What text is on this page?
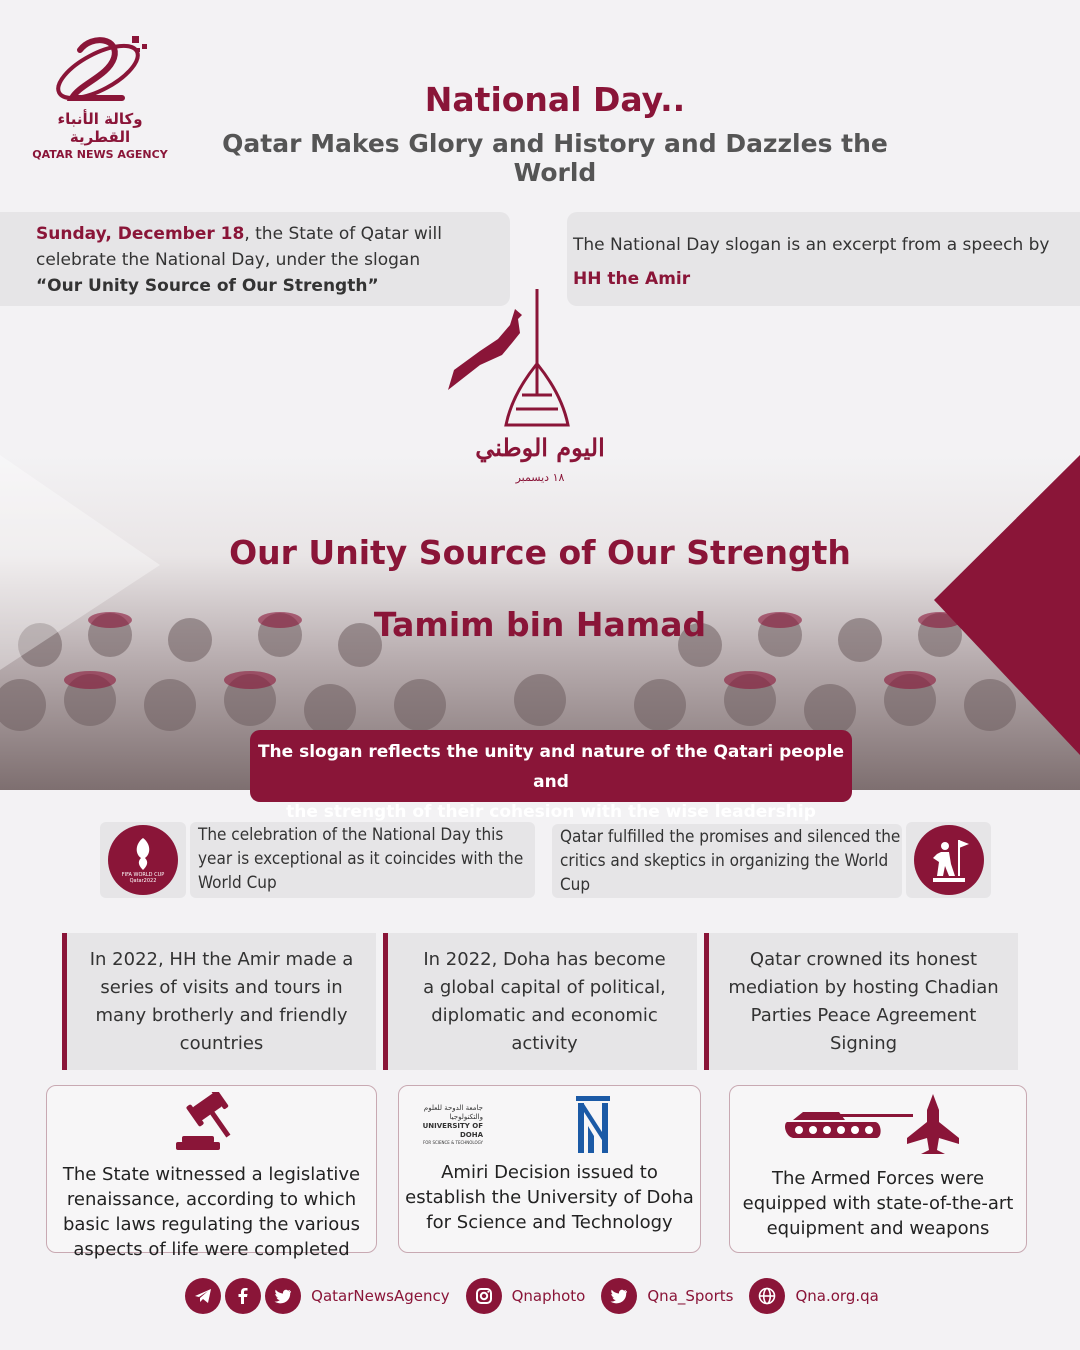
وكالة الأنباء القطرية
QATAR NEWS AGENCY
National Day..
Qatar Makes Glory and History and Dazzles the World
Sunday, December 18, the State of Qatar will celebrate the National Day, under the slogan
“Our Unity Source of Our Strength”
The National Day slogan is an excerpt from a speech by HH the Amir
اليوم الوطني
١٨ ديسمبر
Our Unity Source of Our Strength
Tamim bin Hamad
The slogan reflects the unity and nature of the Qatari people and
the strength of their cohesion with the wise leadership
FIFA WORLD CUP Qatar2022
The celebration of the National Day this year is exceptional as it coincides with the World Cup
Qatar fulfilled the promises and silenced the critics and skeptics in organizing the World Cup
In 2022, HH the Amir made a series of visits and tours in many brotherly and friendly countries
In 2022, Doha has become a global capital of political, diplomatic and economic activity
Qatar crowned its honest mediation by hosting Chadian Parties Peace Agreement Signing
The State witnessed a legislative renaissance, according to which basic laws regulating the various aspects of life were completed
جامعة الدوحة للعلوم والتكنولوجيا
UNIVERSITY OF DOHA
FOR SCIENCE & TECHNOLOGY
Amiri Decision issued to establish the University of Doha for Science and Technology
The Armed Forces were equipped with state-of-the-art equipment and weapons
QatarNewsAgency	Qnaphoto	Qna_Sports	Qna.org.qa
